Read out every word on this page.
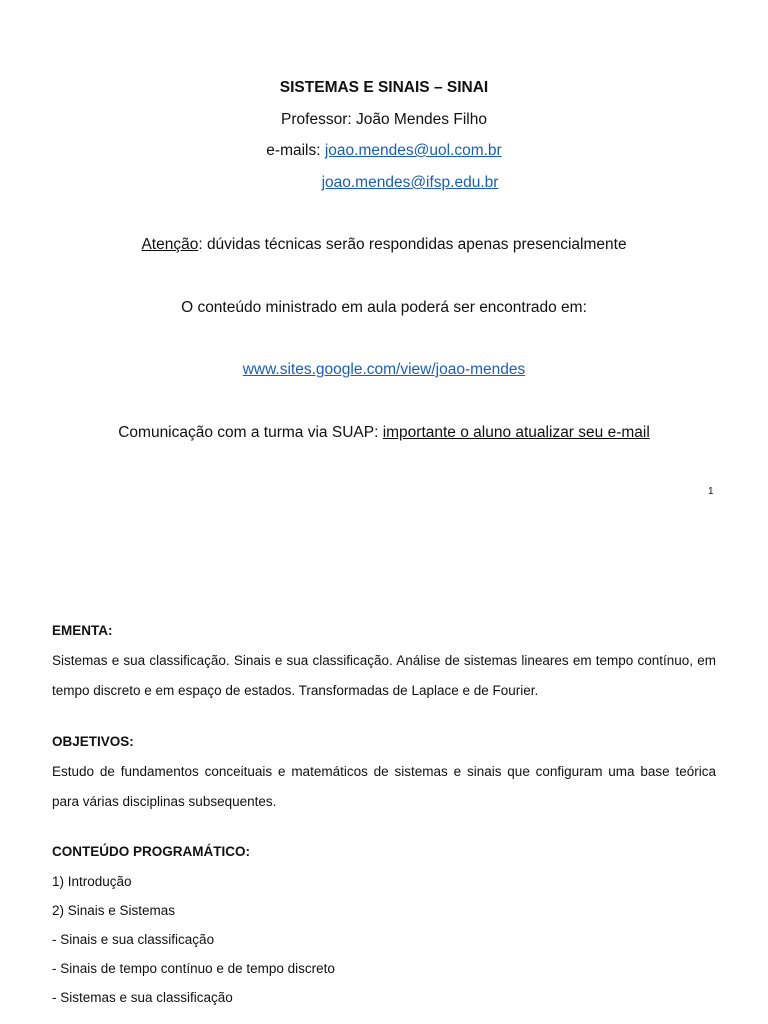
SISTEMAS E SINAIS – SINAI
Professor: João Mendes Filho
e-mails: joao.mendes@uol.com.br
joao.mendes@ifsp.edu.br
Atenção: dúvidas técnicas serão respondidas apenas presencialmente
O conteúdo ministrado em aula poderá ser encontrado em:
www.sites.google.com/view/joao-mendes
Comunicação com a turma via SUAP: importante o aluno atualizar seu e-mail
1
EMENTA:
Sistemas e sua classificação. Sinais e sua classificação. Análise de sistemas lineares em tempo contínuo, em tempo discreto e em espaço de estados. Transformadas de Laplace e de Fourier.
OBJETIVOS:
Estudo de fundamentos conceituais e matemáticos de sistemas e sinais que configuram uma base teórica para várias disciplinas subsequentes.
CONTEÚDO PROGRAMÁTICO:
1) Introdução
2) Sinais e Sistemas
- Sinais e sua classificação
- Sinais de tempo contínuo e de tempo discreto
- Sistemas e sua classificação
